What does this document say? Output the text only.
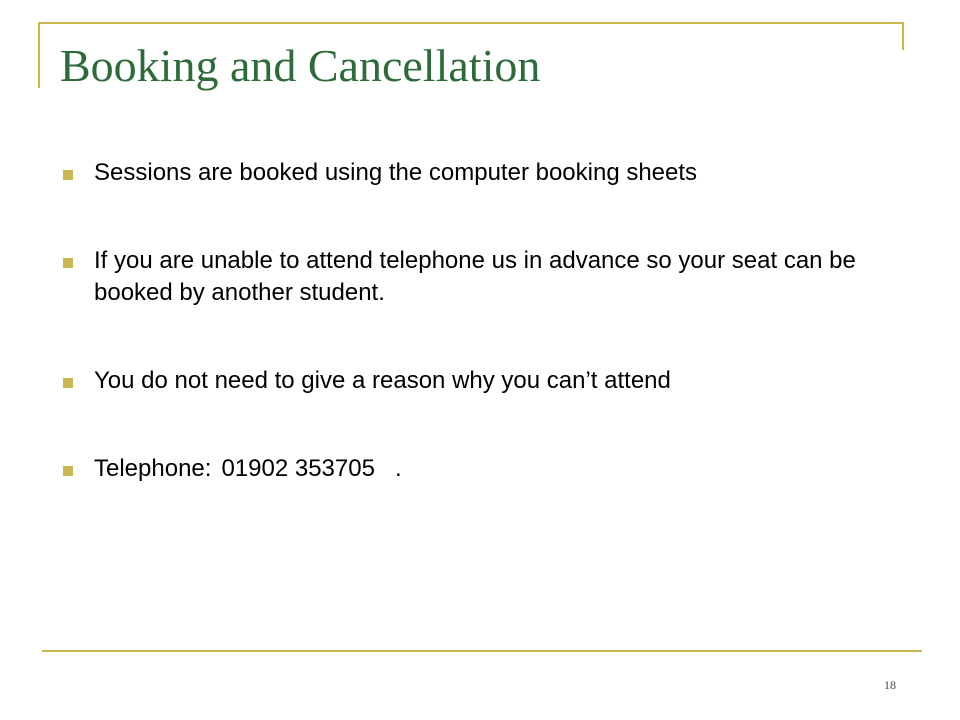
Booking and Cancellation
Sessions are booked using the computer booking sheets
If you are unable to attend telephone us in advance so your seat can be booked by another student.
You do not need to give a reason why you can’t attend
Telephone: 01902 353705 .
18
